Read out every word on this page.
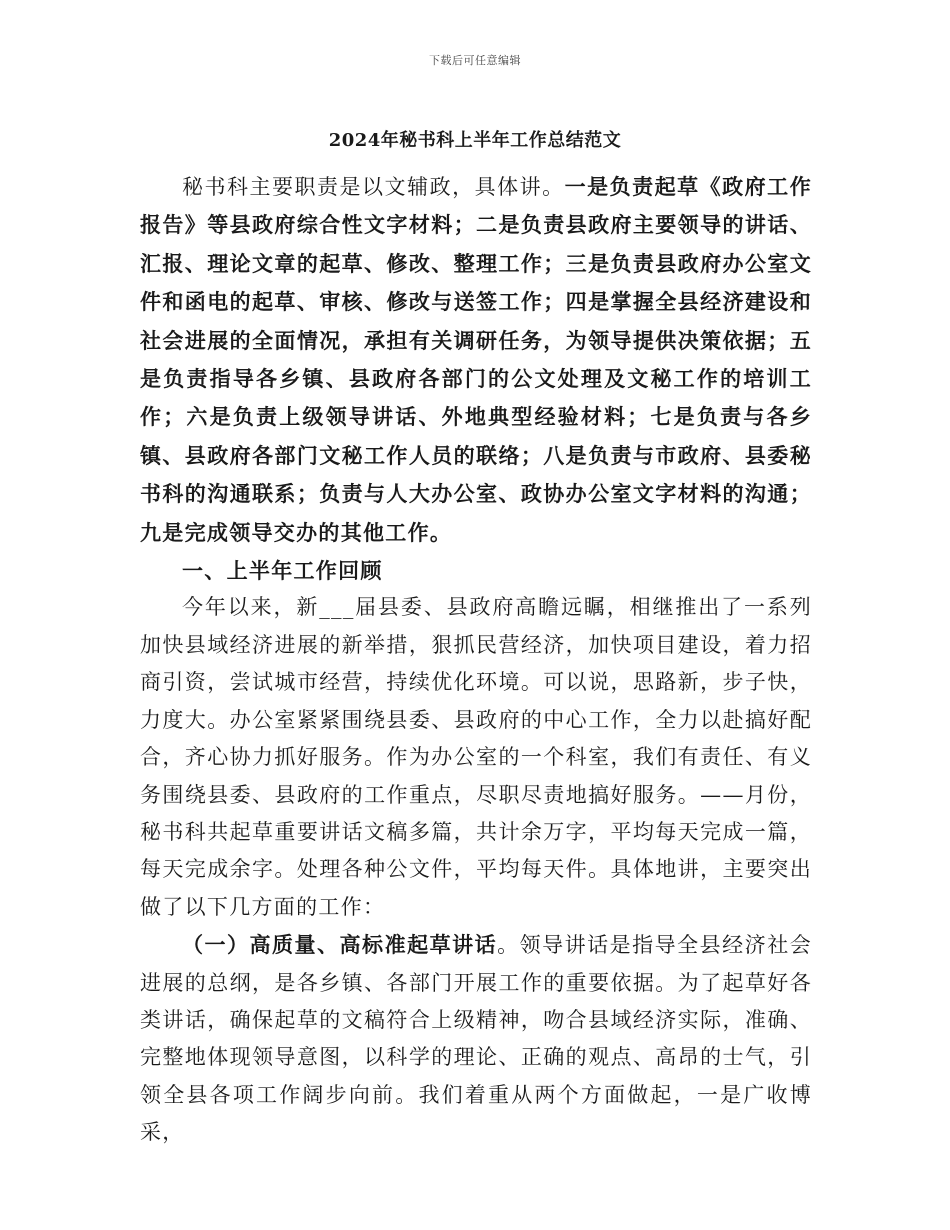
下载后可任意编辑
2024年秘书科上半年工作总结范文

秘书科主要职责是以文辅政，具体讲。一是负责起草《政府工作报告》等县政府综合性文字材料；二是负责县政府主要领导的讲话、汇报、理论文章的起草、修改、整理工作；三是负责县政府办公室文件和函电的起草、审核、修改与送签工作；四是掌握全县经济建设和社会进展的全面情况，承担有关调研任务，为领导提供决策依据；五是负责指导各乡镇、县政府各部门的公文处理及文秘工作的培训工作；六是负责上级领导讲话、外地典型经验材料；七是负责与各乡镇、县政府各部门文秘工作人员的联络；八是负责与市政府、县委秘书科的沟通联系；负责与人大办公室、政协办公室文字材料的沟通；九是完成领导交办的其他工作。

一、上半年工作回顾

今年以来，新___届县委、县政府高瞻远瞩，相继推出了一系列加快县域经济进展的新举措，狠抓民营经济，加快项目建设，着力招商引资，尝试城市经营，持续优化环境。可以说，思路新，步子快，力度大。办公室紧紧围绕县委、县政府的中心工作，全力以赴搞好配合，齐心协力抓好服务。作为办公室的一个科室，我们有责任、有义务围绕县委、县政府的工作重点，尽职尽责地搞好服务。——月份，秘书科共起草重要讲话文稿多篇，共计余万字，平均每天完成一篇，每天完成余字。处理各种公文件，平均每天件。具体地讲，主要突出做了以下几方面的工作：

（一）高质量、高标准起草讲话。领导讲话是指导全县经济社会进展的总纲，是各乡镇、各部门开展工作的重要依据。为了起草好各类讲话，确保起草的文稿符合上级精神，吻合县域经济实际，准确、完整地体现领导意图，以科学的理论、正确的观点、高昂的士气，引领全县各项工作阔步向前。我们着重从两个方面做起，一是广收博采，
